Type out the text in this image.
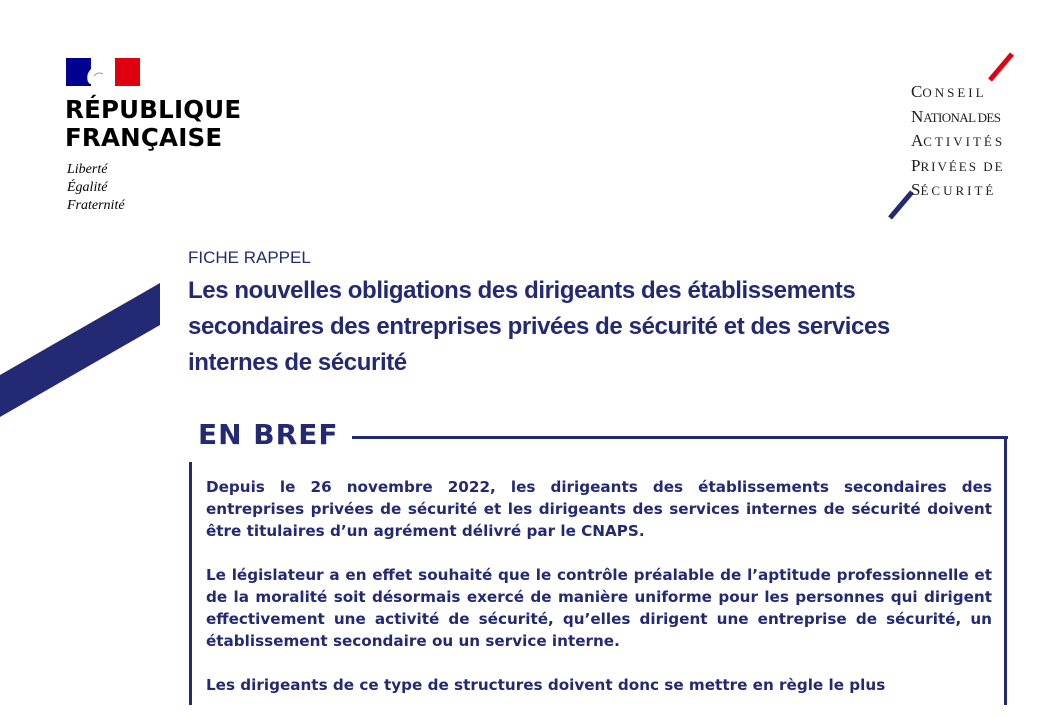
RÉPUBLIQUE
FRANÇAISE
Liberté
Égalité
Fraternité
CONSEIL
NATIONAL DES
ACTIVITÉS
PRIVÉES DE
SÉCURITÉ
FICHE RAPPEL
Les nouvelles obligations des dirigeants des établissements
secondaires des entreprises privées de sécurité et des services
internes de sécurité
EN BREF

Depuis le 26 novembre 2022, les dirigeants des établissements secondaires des entreprises privées de sécurité et les dirigeants des services internes de sécurité doivent être titulaires d’un agrément délivré par le CNAPS.

Le législateur a en effet souhaité que le contrôle préalable de l’aptitude professionnelle et de la moralité soit désormais exercé de manière uniforme pour les personnes qui dirigent effectivement une activité de sécurité, qu’elles dirigent une entreprise de sécurité, un établissement secondaire ou un service interne.

Les dirigeants de ce type de structures doivent donc se mettre en règle le plus
